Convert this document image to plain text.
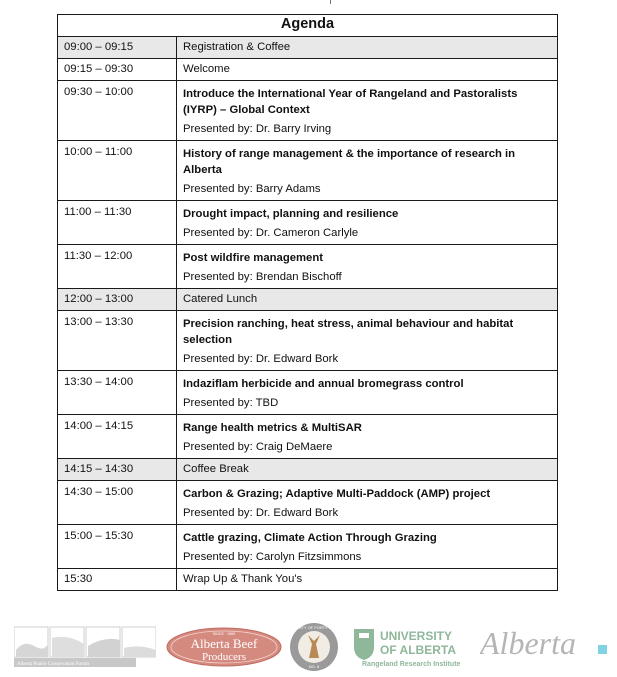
Agenda	
09:00 – 09:15	Registration & Coffee
09:15 – 09:30	Welcome
09:30 – 10:00	Introduce the International Year of Rangeland and Pastoralists (IYRP) – Global Context
Presented by: Dr. Barry Irving

10:00 – 11:00	History of range management & the importance of research in Alberta
Presented by: Barry Adams

11:00 – 11:30	Drought impact, planning and resilience
Presented by: Dr. Cameron Carlyle

11:30 – 12:00	Post wildfire management
Presented by: Brendan Bischoff

12:00 – 13:00	Catered Lunch
13:00 – 13:30	Precision ranching, heat stress, animal behaviour and habitat selection
Presented by: Dr. Edward Bork

13:30 – 14:00	Indaziflam herbicide and annual bromegrass control
Presented by: TBD

14:00 – 14:15	Range health metrics & MultiSAR
Presented by: Craig DeMaere

14:15 – 14:30	Coffee Break
14:30 – 15:00	Carbon & Grazing; Adaptive Multi-Paddock (AMP) project
Presented by: Dr. Edward Bork

15:00 – 15:30	Cattle grazing, Climate Action Through Grazing
Presented by: Carolyn Fitzsimmons

15:30	Wrap Up & Thank You's
Alberta Prairie Conservation Forum
SINCE · 1969
Alberta Beef
Producers
COUNTY OF FORTY MILE
NO. 8
UNIVERSITY
OF ALBERTA
Rangeland Research Institute
Alberta
